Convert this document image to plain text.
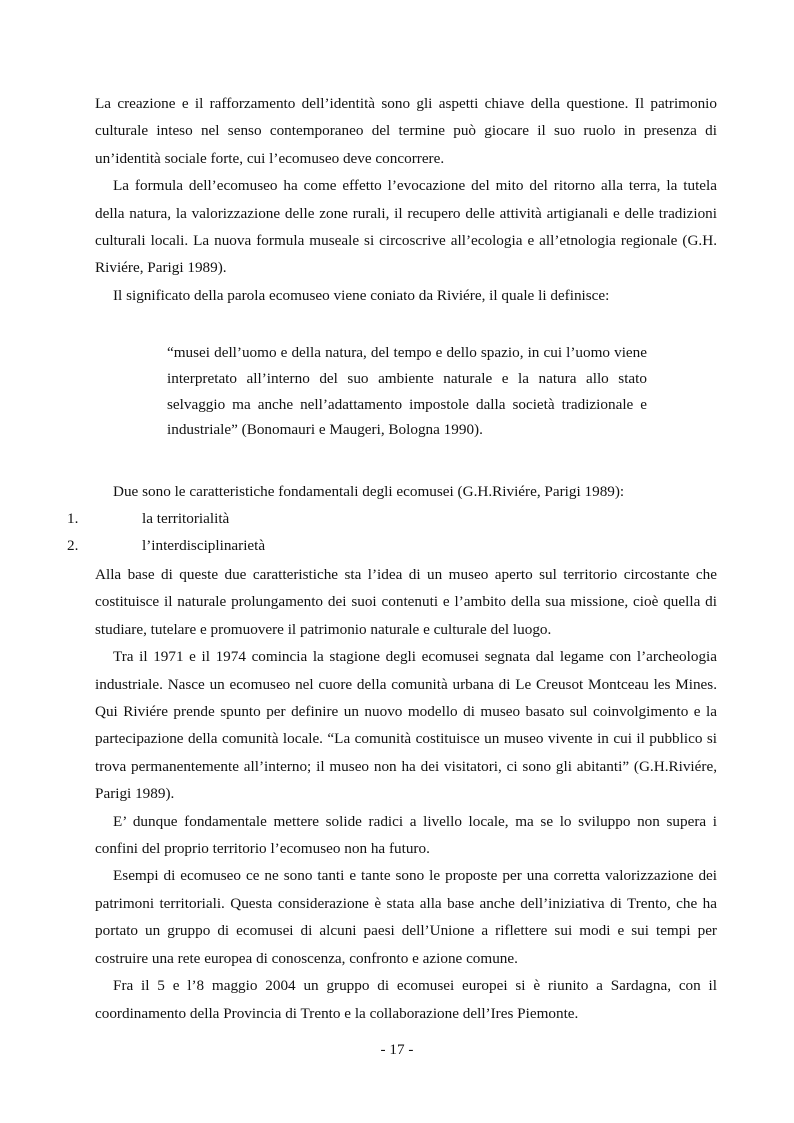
La creazione e il rafforzamento dell’identità sono gli aspetti chiave della questione. Il patrimonio culturale inteso nel senso contemporaneo del termine può giocare il suo ruolo in presenza di un’identità sociale forte, cui l’ecomuseo deve concorrere.

La formula dell’ecomuseo ha come effetto l’evocazione del mito del ritorno alla terra, la tutela della natura, la valorizzazione delle zone rurali, il recupero delle attività artigianali e delle tradizioni culturali locali. La nuova formula museale si circoscrive all’ecologia e all’etnologia regionale (G.H. Riviére, Parigi 1989).

Il significato della parola ecomuseo viene coniato da Riviére, il quale li definisce:

“musei dell’uomo e della natura, del tempo e dello spazio, in cui l’uomo viene interpretato all’interno del suo ambiente naturale e la natura allo stato selvaggio ma anche nell’adattamento impostole dalla società tradizionale e industriale” (Bonomauri e Maugeri, Bologna 1990).

Due sono le caratteristiche fondamentali degli ecomusei (G.H.Riviére, Parigi 1989):

1.	la territorialità
2.	l’interdisciplinarietà

Alla base di queste due caratteristiche sta l’idea di un museo aperto sul territorio circostante che costituisce il naturale prolungamento dei suoi contenuti e l’ambito della sua missione, cioè quella di studiare, tutelare e promuovere il patrimonio naturale e culturale del luogo.

Tra il 1971 e il 1974 comincia la stagione degli ecomusei segnata dal legame con l’archeologia industriale. Nasce un ecomuseo nel cuore della comunità urbana di Le Creusot Montceau les Mines. Qui Riviére prende spunto per definire un nuovo modello di museo basato sul coinvolgimento e la partecipazione della comunità locale. “La comunità costituisce un museo vivente in cui il pubblico si trova permanentemente all’interno; il museo non ha dei visitatori, ci sono gli abitanti” (G.H.Riviére, Parigi 1989).

E’ dunque fondamentale mettere solide radici a livello locale, ma se lo sviluppo non supera i confini del proprio territorio l’ecomuseo non ha futuro.

Esempi di ecomuseo ce ne sono tanti e tante sono le proposte per una corretta valorizzazione dei patrimoni territoriali. Questa considerazione è stata alla base anche dell’iniziativa di Trento, che ha portato un gruppo di ecomusei di alcuni paesi dell’Unione a riflettere sui modi e sui tempi per costruire una rete europea di conoscenza, confronto e azione comune.

Fra il 5 e l’8 maggio 2004 un gruppo di ecomusei europei si è riunito a Sardagna, con il coordinamento della Provincia di Trento e la collaborazione dell’Ires Piemonte.

- 17 -
